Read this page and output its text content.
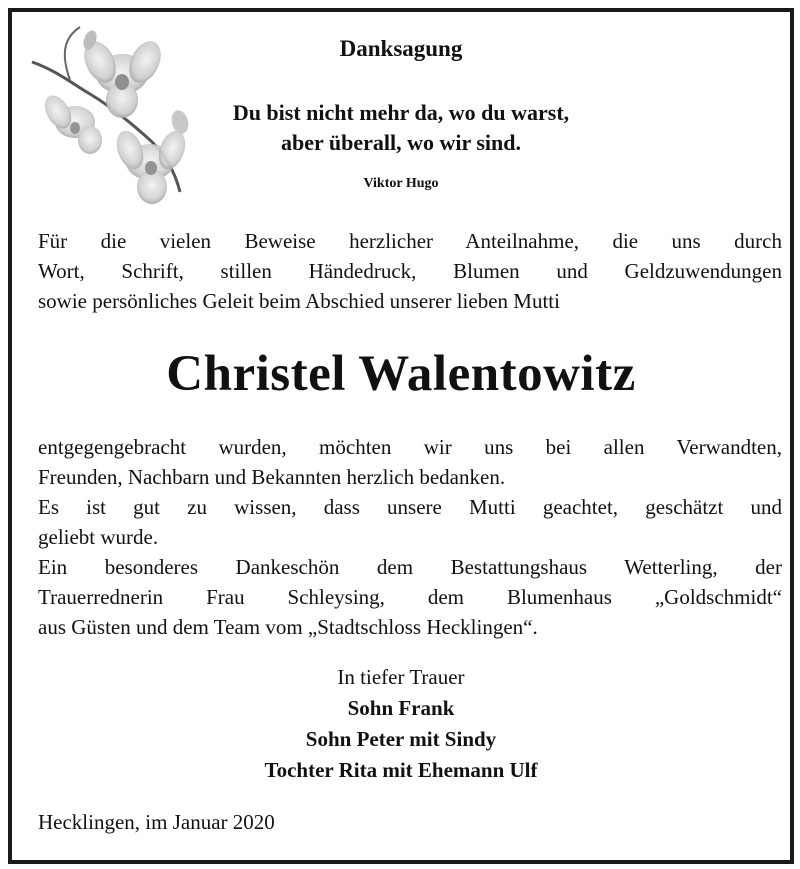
Danksagung
Du bist nicht mehr da, wo du warst,
aber überall, wo wir sind.
Viktor Hugo
Für die vielen Beweise herzlicher Anteilnahme, die uns durch
Wort, Schrift, stillen Händedruck, Blumen und Geldzuwendungen
sowie persönliches Geleit beim Abschied unserer lieben Mutti
Christel Walentowitz
entgegengebracht wurden, möchten wir uns bei allen Verwandten,
Freunden, Nachbarn und Bekannten herzlich bedanken.
Es ist gut zu wissen, dass unsere Mutti geachtet, geschätzt und
geliebt wurde.
Ein besonderes Dankeschön dem Bestattungshaus Wetterling, der
Trauerrednerin Frau Schleysing, dem Blumenhaus „Goldschmidt“
aus Güsten und dem Team vom „Stadtschloss Hecklingen“.
In tiefer Trauer
Sohn Frank
Sohn Peter mit Sindy
Tochter Rita mit Ehemann Ulf
Hecklingen, im Januar 2020
